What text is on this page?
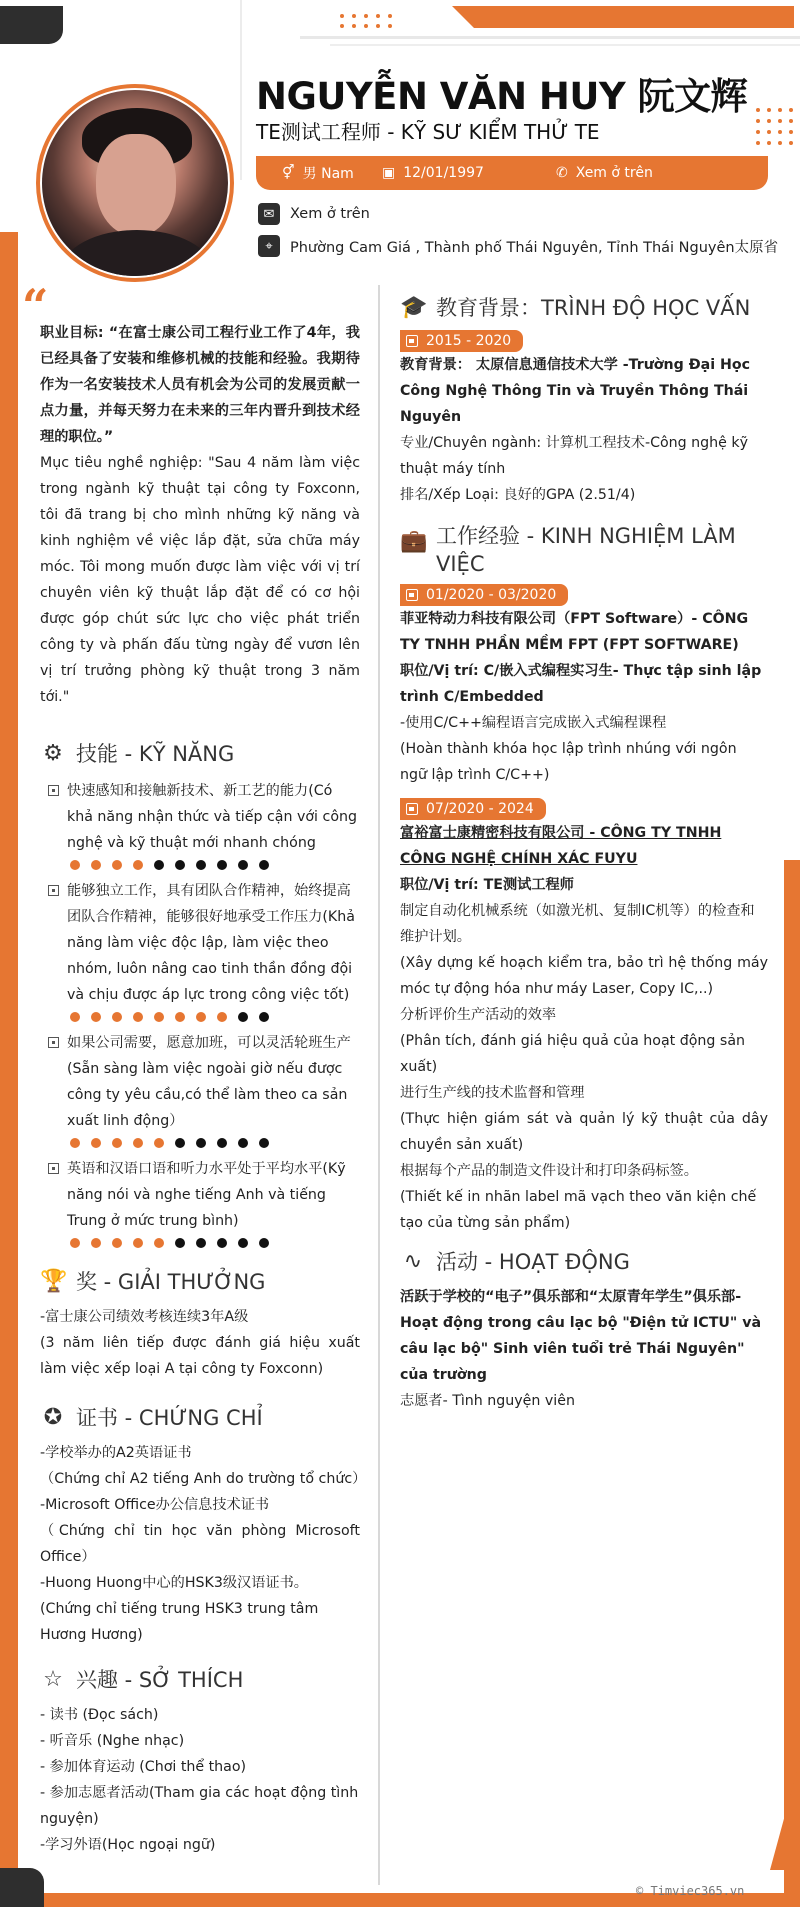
NGUYỄN VĂN HUY 阮文辉
TE测试工程师 - KỸ SƯ KIỂM THỬ TE
⚥ 男 Nam ▣ 12/01/1997	✆ Xem ở trên
✉	Xem ở trên
⌖	Phường Cam Giá , Thành phố Thái Nguyên, Tỉnh Thái Nguyên太原省
“
职业目标: “在富士康公司工程行业工作了4年，我已经具备了安装和维修机械的技能和经验。我期待作为一名安装技术人员有机会为公司的发展贡献一点力量，并每天努力在未来的三年内晋升到技术经理的职位。”
Mục tiêu nghề nghiệp: "Sau 4 năm làm việc trong ngành kỹ thuật tại công ty Foxconn, tôi đã trang bị cho mình những kỹ năng và kinh nghiệm về việc lắp đặt, sửa chữa máy móc. Tôi mong muốn được làm việc với vị trí chuyên viên kỹ thuật lắp đặt để có cơ hội được góp chút sức lực cho việc phát triển công ty và phấn đấu từng ngày để vươn lên vị trí trưởng phòng kỹ thuật trong 3 năm tới."
⚙ 技能 - KỸ NĂNG
快速感知和接触新技术、新工艺的能力(Có khả năng nhận thức và tiếp cận với công nghệ và kỹ thuật mới nhanh chóng
能够独立工作，具有团队合作精神，始终提高团队合作精神，能够很好地承受工作压力(Khả năng làm việc độc lập, làm việc theo nhóm, luôn nâng cao tinh thần đồng đội và chịu được áp lực trong công việc tốt)
如果公司需要，愿意加班，可以灵活轮班生产(Sẵn sàng làm việc ngoài giờ nếu được công ty yêu cầu,có thể làm theo ca sản xuất linh động）
英语和汉语口语和听力水平处于平均水平(Kỹ năng nói và nghe tiếng Anh và tiếng Trung ở mức trung bình)
🏆 奖 - GIẢI THƯỞNG
-富士康公司绩效考核连续3年A级
(3 năm liên tiếp được đánh giá hiệu xuất làm việc xếp loại A tại công ty Foxconn)
✪ 证书 - CHỨNG CHỈ
-学校举办的A2英语证书
（Chứng chỉ A2 tiếng Anh do trường tổ chức）
-Microsoft Office办公信息技术证书
（Chứng chỉ tin học văn phòng Microsoft Office）
-Huong Huong中心的HSK3级汉语证书。
(Chứng chỉ tiếng trung HSK3 trung tâm Hương Hương)
☆ 兴趣 - SỞ THÍCH
- 读书 (Đọc sách)
- 听音乐 (Nghe nhạc)
- 参加体育运动 (Chơi thể thao)
- 参加志愿者活动(Tham gia các hoạt động tình nguyện)
-学习外语(Học ngoại ngữ)
🎓 教育背景：TRÌNH ĐỘ HỌC VẤN
2015 - 2020
教育背景： 太原信息通信技术大学 -Trường Đại Học Công Nghệ Thông Tin và Truyền Thông Thái Nguyên
专业/Chuyên ngành: 计算机工程技术-Công nghệ kỹ thuật máy tính
排名/Xếp Loại: 良好的GPA (2.51/4)
💼 工作经验 - KINH NGHIỆM LÀM VIỆC
01/2020 - 03/2020
菲亚特动力科技有限公司（FPT Software）- CÔNG TY TNHH PHẦN MỀM FPT (FPT SOFTWARE)
职位/Vị trí: C/嵌入式编程实习生- Thực tập sinh lập trình C/Embedded
-使用C/C++编程语言完成嵌入式编程课程
(Hoàn thành khóa học lập trình nhúng với ngôn ngữ lập trình C/C++)
07/2020 - 2024
富裕富士康精密科技有限公司 - CÔNG TY TNHH CÔNG NGHỆ CHÍNH XÁC FUYU
职位/Vị trí: TE测试工程师
制定自动化机械系统（如激光机、复制IC机等）的检查和维护计划。
(Xây dựng kế hoạch kiểm tra, bảo trì hệ thống máy móc tự động hóa như máy Laser, Copy IC,..)
分析评价生产活动的效率
(Phân tích, đánh giá hiệu quả của hoạt động sản xuất)
进行生产线的技术监督和管理
(Thực hiện giám sát và quản lý kỹ thuật của dây chuyền sản xuất)
根据每个产品的制造文件设计和打印条码标签。
(Thiết kế in nhãn label mã vạch theo văn kiện chế tạo của từng sản phẩm)
∿ 活动 - HOẠT ĐỘNG
活跃于学校的“电子”俱乐部和“太原青年学生”俱乐部- Hoạt động trong câu lạc bộ "Điện tử ICTU" và câu lạc bộ" Sinh viên tuổi trẻ Thái Nguyên" của trường
志愿者- Tình nguyện viên
© Timviec365.vn
